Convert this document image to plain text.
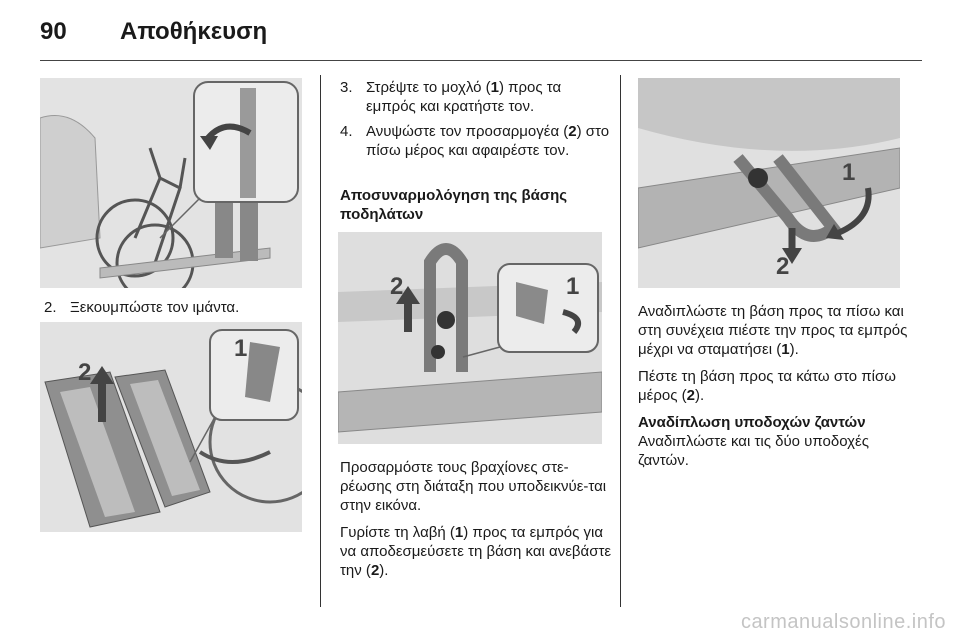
90 Αποθήκευση
2. Ξεκουμπώστε τον ιμάντα.
2
1
3. Στρέψτε το μοχλό (1) προς τα εμπρός και κρατήστε τον.
4. Ανυψώστε τον προσαρμογέα (2) στο πίσω μέρος και αφαιρέστε τον.
Αποσυναρμολόγηση της βάσης ποδηλάτων
2	1

Προσαρμόστε τους βραχίονες στε-ρέωσης στη διάταξη που υποδεικνύε-ται στην εικόνα.

Γυρίστε τη λαβή (1) προς τα εμπρός για να αποδεσμεύσετε τη βάση και ανεβάστε την (2).

1
2

Αναδιπλώστε τη βάση προς τα πίσω και στη συνέχεια πιέστε την προς τα εμπρός μέχρι να σταματήσει (1).

Πέστε τη βάση προς τα κάτω στο πίσω μέρος (2).

Αναδίπλωση υποδοχών ζαντών

Αναδιπλώστε και τις δύο υποδοχές ζαντών.

carmanualsonline.info
